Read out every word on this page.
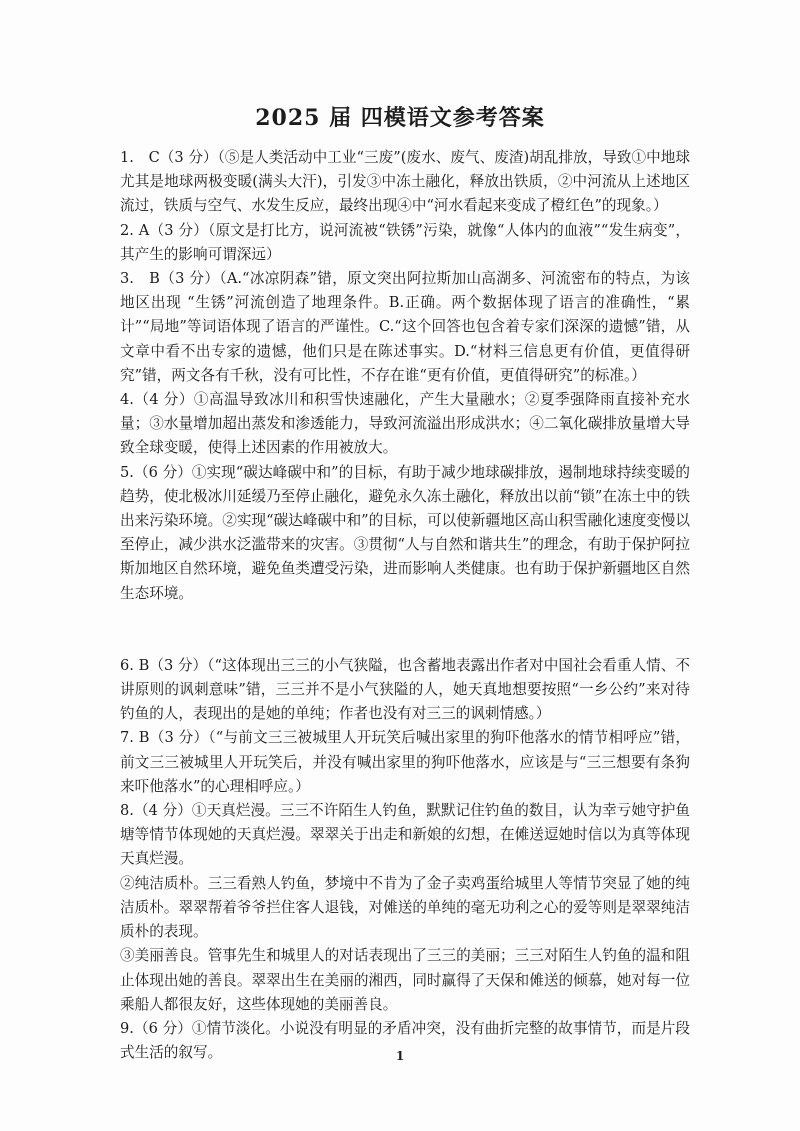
2025 届 四模语文参考答案

1.　C（3 分）（⑤是人类活动中工业“三废”(废水、废气、废渣)胡乱排放，导致①中地球尤其是地球两极变暖(满头大汗)，引发③中冻土融化，释放出铁质，②中河流从上述地区流过，铁质与空气、水发生反应，最终出现④中“河水看起来变成了橙红色”的现象。）

2. A（3 分）（原文是打比方，说河流被“铁锈”污染，就像“人体内的血液”“发生病变”，其产生的影响可谓深远）

3.　B（3 分）（A.“冰凉阴森”错，原文突出阿拉斯加山高湖多、河流密布的特点，为该地区出现 “生锈”河流创造了地理条件。B.正确。两个数据体现了语言的准确性，“累计”“局地”等词语体现了语言的严谨性。C.“这个回答也包含着专家们深深的遗憾”错，从文章中看不出专家的遗憾，他们只是在陈述事实。D.“材料三信息更有价值，更值得研究”错，两文各有千秋，没有可比性，不存在谁“更有价值，更值得研究”的标准。）

4.（4 分）①高温导致冰川和积雪快速融化，产生大量融水；②夏季强降雨直接补充水量；③水量增加超出蒸发和渗透能力，导致河流溢出形成洪水；④二氧化碳排放量增大导致全球变暖，使得上述因素的作用被放大。

5.（6 分）①实现“碳达峰碳中和”的目标，有助于减少地球碳排放，遏制地球持续变暖的趋势，使北极冰川延缓乃至停止融化，避免永久冻土融化，释放出以前“锁”在冻土中的铁出来污染环境。②实现“碳达峰碳中和”的目标，可以使新疆地区高山积雪融化速度变慢以至停止，减少洪水泛滥带来的灾害。③贯彻“人与自然和谐共生”的理念，有助于保护阿拉斯加地区自然环境，避免鱼类遭受污染，进而影响人类健康。也有助于保护新疆地区自然生态环境。

6. B（3 分）（“这体现出三三的小气狭隘，也含蓄地表露出作者对中国社会看重人情、不讲原则的讽刺意味”错，三三并不是小气狭隘的人，她天真地想要按照“一乡公约”来对待钓鱼的人，表现出的是她的单纯；作者也没有对三三的讽刺情感。）

7. B（3 分）（“与前文三三被城里人开玩笑后喊出家里的狗吓他落水的情节相呼应”错，前文三三被城里人开玩笑后，并没有喊出家里的狗吓他落水，应该是与“三三想要有条狗来吓他落水”的心理相呼应。）

8.（4 分）①天真烂漫。三三不许陌生人钓鱼，默默记住钓鱼的数目，认为幸亏她守护鱼塘等情节体现她的天真烂漫。翠翠关于出走和新娘的幻想，在傩送逗她时信以为真等体现天真烂漫。

②纯洁质朴。三三看熟人钓鱼，梦境中不肯为了金子卖鸡蛋给城里人等情节突显了她的纯洁质朴。翠翠帮着爷爷拦住客人退钱，对傩送的单纯的毫无功利之心的爱等则是翠翠纯洁质朴的表现。

③美丽善良。管事先生和城里人的对话表现出了三三的美丽；三三对陌生人钓鱼的温和阻止体现出她的善良。翠翠出生在美丽的湘西，同时赢得了天保和傩送的倾慕，她对每一位乘船人都很友好，这些体现她的美丽善良。

9.（6 分）①情节淡化。小说没有明显的矛盾冲突，没有曲折完整的故事情节，而是片段式生活的叙写。	1
